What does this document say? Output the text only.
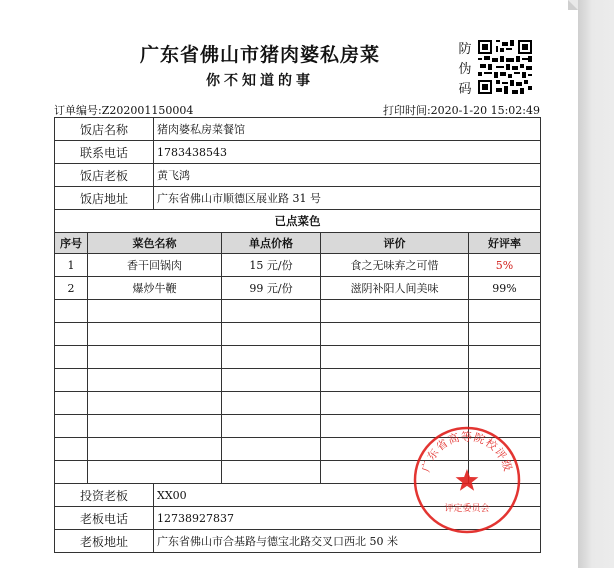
广东省佛山市猪肉婆私房菜
你不知道的事
防
伪
码
订单编号:Z202001150004	打印时间:2020-1-20 15:02:49
饭店名称		猪肉婆私房菜餐馆			
联系电话		1783438543			
饭店老板		黄飞鸿			
饭店地址		广东省佛山市顺德区展业路 31 号			
已点菜色					
序号	菜色名称		单点价格	评价	好评率
1	香干回锅肉		15 元/份	食之无味弃之可惜	5%
2	爆炒牛鞭		99 元/份	滋阴补阳人间美味	99%

投资老板		XX00			
老板电话		12738927837			
老板地址		广东省佛山市合基路与德宝北路交叉口西北 50 米			
广东省高等院校评级
评定委员会
